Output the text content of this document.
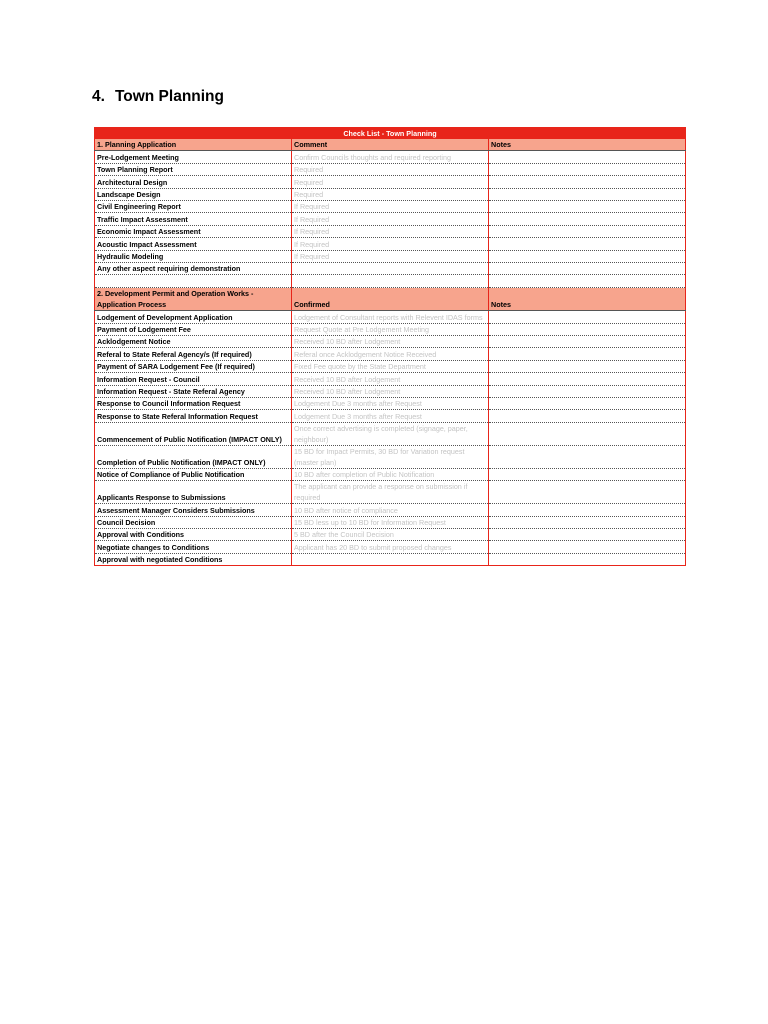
4. Town Planning
Check List - Town Planning		
1. Planning Application	Comment	Notes
Pre-Lodgement Meeting	Confirm Councils thoughts and required reporting	
Town Planning Report	Required	
Architectural Design	Required	
Landscape Design	Required	
Civil Engineering Report	If Required	
Traffic Impact Assessment	If Required	
Economic Impact Assessment	If Required	
Acoustic Impact Assessment	If Required	
Hydraulic Modeling	If Required	
Any other aspect requiring demonstration		

2. Development Permit and Operation Works - Application Process	Confirmed	Notes
Lodgement of Development Application	Lodgement of Consultant reports with Relevent IDAS forms	
Payment of Lodgement Fee	Request Quote at Pre Lodgement Meeting	
Acklodgement Notice	Received 10 BD after Lodgement	
Referal to State Referal Agency/s (If required)	Referal once Acklodgement Notice Received	
Payment of SARA Lodgement Fee (If required)	Fixed Fee quote by the State Department	
Information Request - Council	Received 10 BD after Lodgement	
Information Request - State Referal Agency	Received 10 BD after Lodgement	
Response to Council Information Request	Lodgement Due 3 months after Request	
Response to State Referal Information Request	Lodgement Due 3 months after Request	
Commencement of Public Notification (IMPACT ONLY)	Once correct advertising is completed (signage, paper, neighbour)	
Completion of Public Notification (IMPACT ONLY)	15 BD for Impact Permits, 30 BD for Variation request (master plan)	
Notice of Compliance of Public Notification	10 BD after completion of Public Notification	
Applicants Response to Submissions	The applicant can provide a response on submission if required	
Assessment Manager Considers Submissions	10 BD after notice of compliance	
Council Decision	15 BD less up to 10 BD for Information Request	
Approval with Conditions	5 BD after the Council Decision	
Negotiate changes to Conditions	Applicant has 20 BD to submit proposed changes	
Approval with negotiated Conditions		
